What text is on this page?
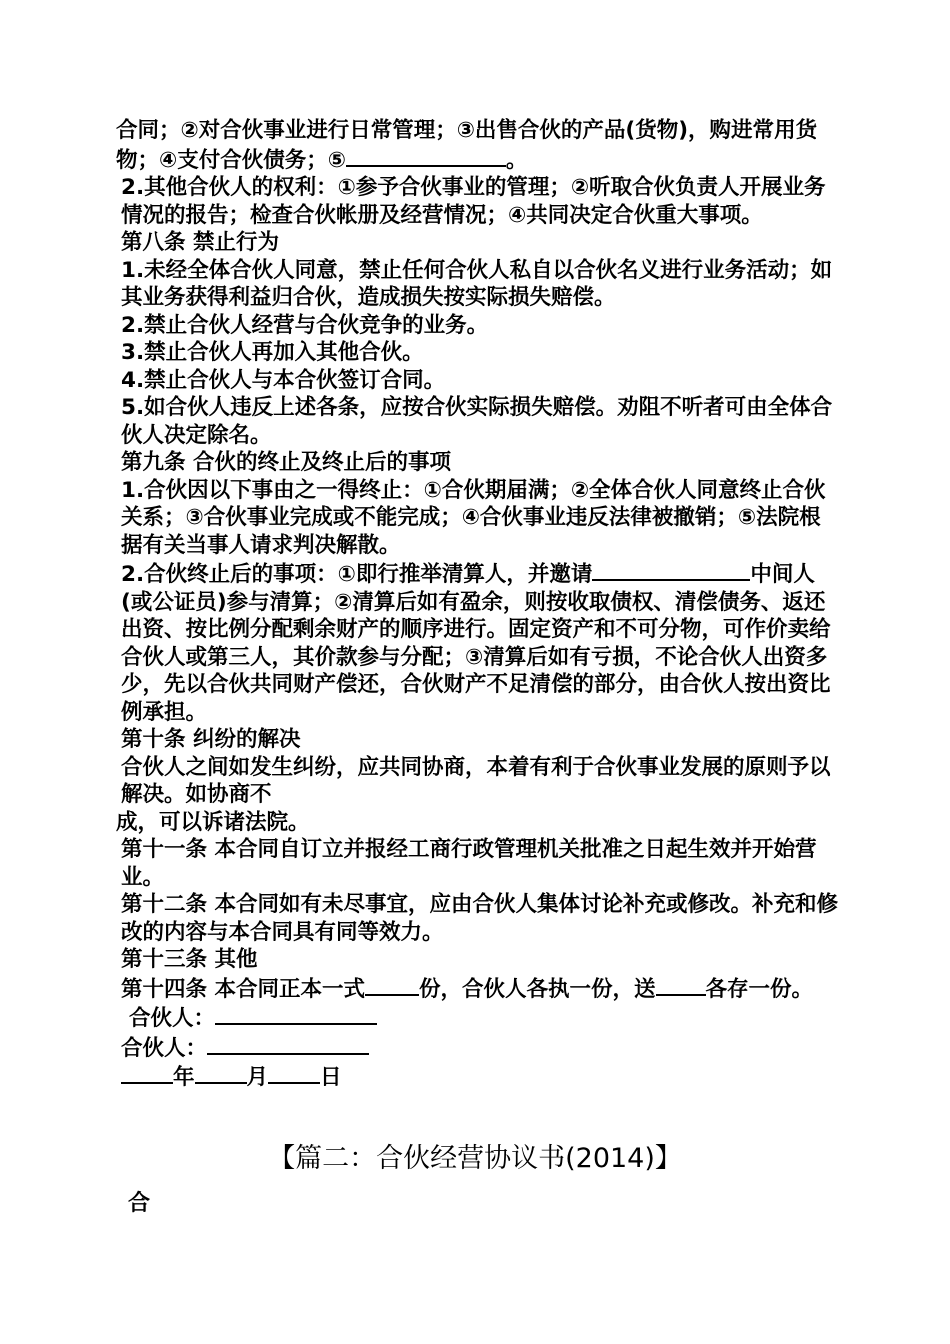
合同；②对合伙事业进行日常管理；③出售合伙的产品(货物)，购进常用货物；④支付合伙债务；⑤	。

2.其他合伙人的权利：①参予合伙事业的管理；②听取合伙负责人开展业务情况的报告；检查合伙帐册及经营情况；④共同决定合伙重大事项。

第八条 禁止行为

1.未经全体合伙人同意，禁止任何合伙人私自以合伙名义进行业务活动；如其业务获得利益归合伙，造成损失按实际损失赔偿。

2.禁止合伙人经营与合伙竞争的业务。

3.禁止合伙人再加入其他合伙。

4.禁止合伙人与本合伙签订合同。

5.如合伙人违反上述各条，应按合伙实际损失赔偿。劝阻不听者可由全体合伙人决定除名。

第九条 合伙的终止及终止后的事项

1.合伙因以下事由之一得终止：①合伙期届满；②全体合伙人同意终止合伙关系；③合伙事业完成或不能完成；④合伙事业违反法律被撤销；⑤法院根据有关当事人请求判决解散。

2.合伙终止后的事项：①即行推举清算人，并邀请	中间人(或公证员)参与清算；②清算后如有盈余，则按收取债权、清偿债务、返还出资、按比例分配剩余财产的顺序进行。固定资产和不可分物，可作价卖给合伙人或第三人，其价款参与分配；③清算后如有亏损，不论合伙人出资多少，先以合伙共同财产偿还，合伙财产不足清偿的部分，由合伙人按出资比例承担。

第十条 纠纷的解决

合伙人之间如发生纠纷，应共同协商，本着有利于合伙事业发展的原则予以解决。如协商不

成，可以诉诸法院。

第十一条 本合同自订立并报经工商行政管理机关批准之日起生效并开始营业。

第十二条 本合同如有未尽事宜，应由合伙人集体讨论补充或修改。补充和修改的内容与本合同具有同等效力。

第十三条 其他

第十四条 本合同正本一式	份，合伙人各执一份，送 各存一份。

合伙人：

合伙人：

年 月 日

【篇二：合伙经营协议书(2014)】
合
